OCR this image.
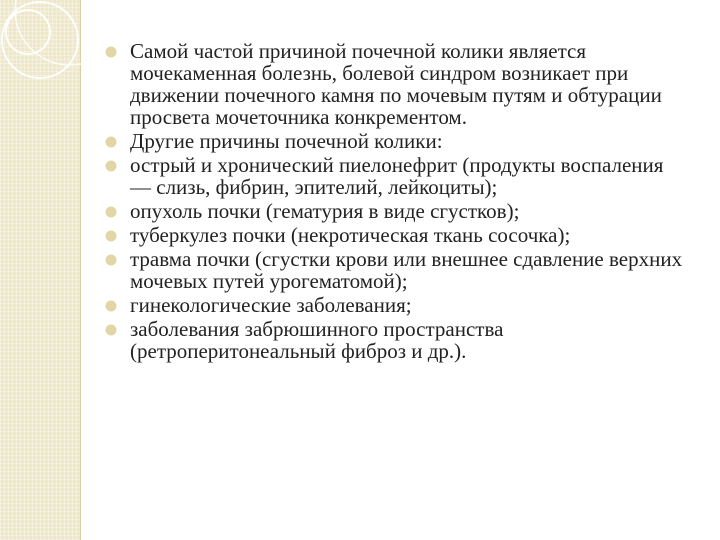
Самой частой причиной почечной колики является мочекаменная болезнь, болевой синдром возникает при движении почечного камня по мочевым путям и обтурации просвета мочеточника конкрементом.
Другие причины почечной колики:
острый и хронический пиелонефрит (продукты воспаления — слизь, фибрин, эпителий, лейкоциты);
опухоль почки (гематурия в виде сгустков);
туберкулез почки (некротическая ткань сосочка);
травма почки (сгустки крови или внешнее сдавление верхних мочевых путей урогематомой);
гинекологические заболевания;
заболевания забрюшинного пространства (ретроперитонеальный фиброз и др.).
